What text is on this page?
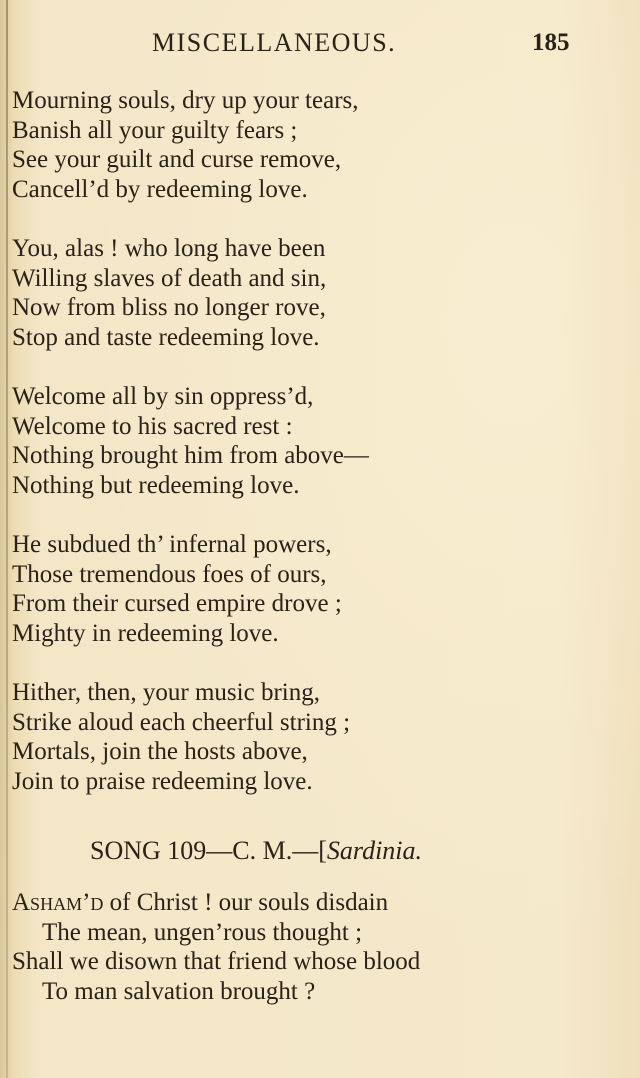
MISCELLANEOUS.	185
Mourning souls, dry up your tears,
Banish all your guilty fears ;
See your guilt and curse remove,
Cancell’d by redeeming love.
You, alas ! who long have been
Willing slaves of death and sin,
Now from bliss no longer rove,
Stop and taste redeeming love.
Welcome all by sin oppress’d,
Welcome to his sacred rest :
Nothing brought him from above—
Nothing but redeeming love.
He subdued th’ infernal powers,
Those tremendous foes of ours,
From their cursed empire drove ;
Mighty in redeeming love.
Hither, then, your music bring,
Strike aloud each cheerful string ;
Mortals, join the hosts above,
Join to praise redeeming love.
SONG 109—C. M.—[Sardinia.
Asham’d of Christ ! our souls disdain
The mean, ungen’rous thought ;
Shall we disown that friend whose blood
To man salvation brought ?
